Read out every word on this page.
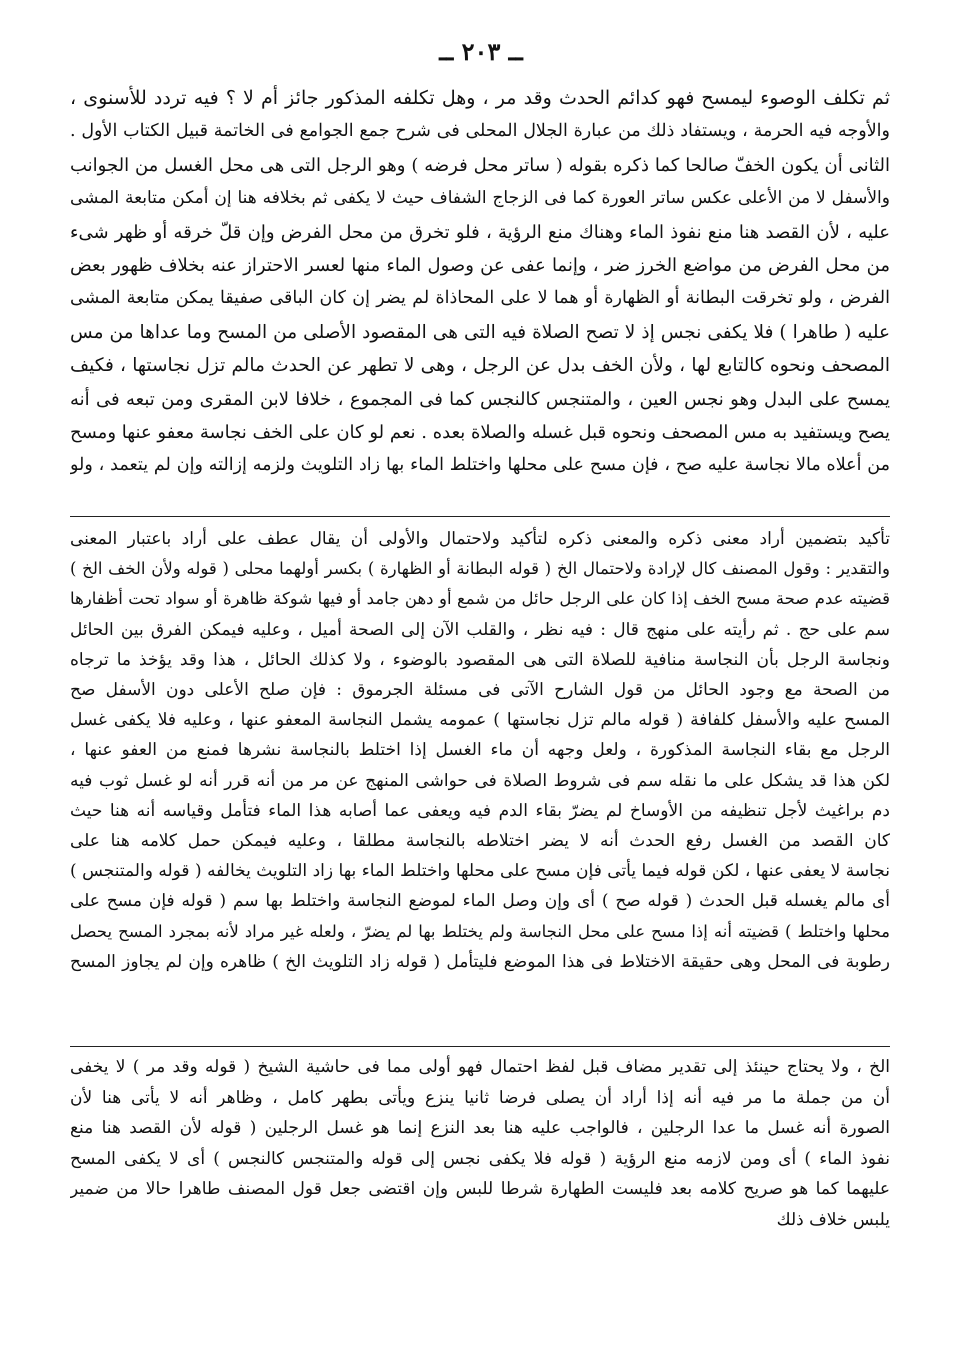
ــ ٢٠٣ ــ
ثم تكلف الوصوء ليمسح فهو كدائم الحدث وقد مر ، وهل تكلفه المذكور جائز أم لا ؟ فيه تردد للأسنوى ،
والأوجه فيه الحرمة ، ويستفاد ذلك من عبارة الجلال المحلى فى شرح جمع الجوامع فى الخاتمة قبيل الكتاب الأول .
الثانى أن يكون الخفّ صالحا كما ذكره بقوله ( ساتر محل فرضه ) وهو الرجل التى هى محل الغسل من الجوانب
والأسفل لا من الأعلى عكس ساتر العورة كما فى الزجاج الشفاف حيث لا يكفى ثم بخلافه هنا إن أمكن متابعة المشى
عليه ، لأن القصد هنا منع نفوذ الماء وهناك منع الرؤية ، فلو تخرق من محل الفرض وإن قلّ خرقه أو ظهر شىء
من محل الفرض من مواضع الخرز ضر ، وإنما عفى عن وصول الماء منها لعسر الاحتراز عنه بخلاف ظهور بعض
الفرض ، ولو تخرقت البطانة أو الظهارة أو هما لا على المحاذاة لم يضر إن كان الباقى صفيقا يمكن متابعة المشى
عليه ( طاهرا ) فلا يكفى نجس إذ لا تصح الصلاة فيه التى هى المقصود الأصلى من المسح وما عداها من مس
المصحف ونحوه كالتابع لها ، ولأن الخف بدل عن الرجل ، وهى لا تطهر عن الحدث مالم تزل نجاستها ، فكيف
يمسح على البدل وهو نجس العين ، والمتنجس كالنجس كما فى المجموع ، خلافا لابن المقرى ومن تبعه فى أنه
يصح ويستفيد به مس المصحف ونحوه قبل غسله والصلاة بعده . نعم لو كان على الخف نجاسة معفو عنها ومسح
من أعلاه مالا نجاسة عليه صح ، فإن مسح على محلها واختلط الماء بها زاد التلويث ولزمه إزالته وإن لم يتعمد ، ولو
تأكيد بتضمين أراد معنى ذكره والمعنى ذكره لتأكيد ولاحتمال والأولى أن يقال عطف على أراد باعتبار المعنى
والتقدير : وقول المصنف كال لإرادة ولاحتمال الخ ( قوله البطانة أو الظهارة ) بكسر أولهما محلى ( قوله ولأن الخف الخ )
قضيته عدم صحة مسح الخف إذا كان على الرجل حائل من شمع أو دهن جامد أو فيها شوكة ظاهرة أو سواد تحت أظفارها
سم على حج . ثم رأيته على منهج قال : فيه نظر ، والقلب الآن إلى الصحة أميل ، وعليه فيمكن الفرق بين الحائل
ونجاسة الرجل بأن النجاسة منافية للصلاة التى هى المقصود بالوضوء ، ولا كذلك الحائل ، هذا وقد يؤخذ ما ترجاه
من الصحة مع وجود الحائل من قول الشارح الآتى فى مسئلة الجرموق : فإن صلح الأعلى دون الأسفل صح
المسح عليه والأسفل كلفافة ( قوله مالم تزل نجاستها ) عمومه يشمل النجاسة المعفو عنها ، وعليه فلا يكفى غسل
الرجل مع بقاء النجاسة المذكورة ، ولعل وجهه أن ماء الغسل إذا اختلط بالنجاسة نشرها فمنع من العفو عنها ،
لكن هذا قد يشكل على ما نقله سم فى شروط الصلاة فى حواشى المنهج عن مر من أنه قرر أنه لو غسل ثوب فيه
دم براغيث لأجل تنظيفه من الأوساخ لم يضرّ بقاء الدم فيه ويعفى عما أصابه هذا الماء فتأمل وقياسه أنه هنا حيث
كان القصد من الغسل رفع الحدث أنه لا يضر اختلاطه بالنجاسة مطلقا ، وعليه فيمكن حمل كلامه هنا على
نجاسة لا يعفى عنها ، لكن قوله فيما يأتى فإن مسح على محلها واختلط الماء بها زاد التلويث يخالفه ( قوله والمتنجس )
أى مالم يغسله قبل الحدث ( قوله صح ) أى وإن وصل الماء لموضع النجاسة واختلط بها سم ( قوله فإن مسح على
محلها واختلط ) قضيته أنه إذا مسح على محل النجاسة ولم يختلط بها لم يضرّ ، ولعله غير مراد لأنه بمجرد المسح يحصل
رطوبة فى المحل وهى حقيقة الاختلاط فى هذا الموضع فليتأمل ( قوله زاد التلويث الخ ) ظاهره وإن لم يجاوز المسح
الخ ، ولا يحتاج حينئذ إلى تقدير مضاف قبل لفظ احتمال فهو أولى مما فى حاشية الشيخ ( قوله وقد مر ) لا يخفى
أن من جملة ما مر فيه أنه إذا أراد أن يصلى فرضا ثانيا ينزع ويأتى بطهر كامل ، وظاهر أنه لا يأتى هنا لأن
الصورة أنه غسل ما عدا الرجلين ، فالواجب عليه هنا بعد النزع إنما هو غسل الرجلين ( قوله لأن القصد هنا منع
نفوذ الماء ) أى ومن لازمه منع الرؤية ( قوله فلا يكفى نجس إلى قوله والمتنجس كالنجس ) أى لا يكفى المسح
عليهما كما هو صريح كلامه بعد فليست الطهارة شرطا للبس وإن اقتضى جعل قول المصنف طاهرا حالا من ضمير
يلبس خلاف ذلك
